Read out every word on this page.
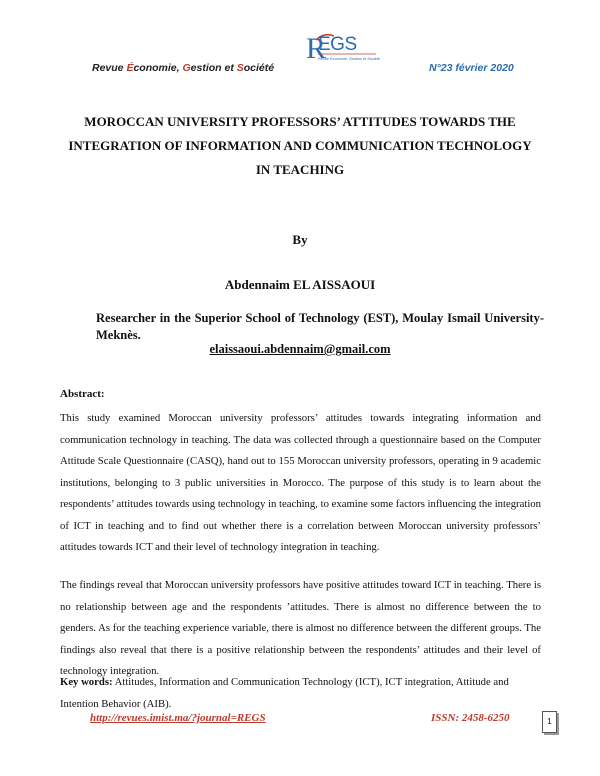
Revue Économie, Gestion et Société
R
EGS
Revue Économie, Gestion et Société
N°23 février 2020
MOROCCAN UNIVERSITY PROFESSORS’ ATTITUDES TOWARDS THE INTEGRATION OF INFORMATION AND COMMUNICATION TECHNOLOGY IN TEACHING
By
Abdennaim EL AISSAOUI
Researcher in the Superior School of Technology (EST), Moulay Ismail University- Meknès.
elaissaoui.abdennaim@gmail.com
Abstract:

This study examined Moroccan university professors’ attitudes towards integrating information and communication technology in teaching. The data was collected through a questionnaire based on the Computer Attitude Scale Questionnaire (CASQ), hand out to 155 Moroccan university professors, operating in 9 academic institutions, belonging to 3 public universities in Morocco. The purpose of this study is to learn about the respondents’ attitudes towards using technology in teaching, to examine some factors influencing the integration of ICT in teaching and to find out whether there is a correlation between Moroccan university professors’ attitudes towards ICT and their level of technology integration in teaching.

The findings reveal that Moroccan university professors have positive attitudes toward ICT in teaching. There is no relationship between age and the respondents ’attitudes. There is almost no difference between the to genders. As for the teaching experience variable, there is almost no difference between the different groups. The findings also reveal that there is a positive relationship between the respondents’ attitudes and their level of technology integration.

Key words: Attitudes, Information and Communication Technology (ICT), ICT integration, Attitude and Intention Behavior (AIB).

http://revues.imist.ma/?journal=REGS	ISSN: 2458-6250	1
